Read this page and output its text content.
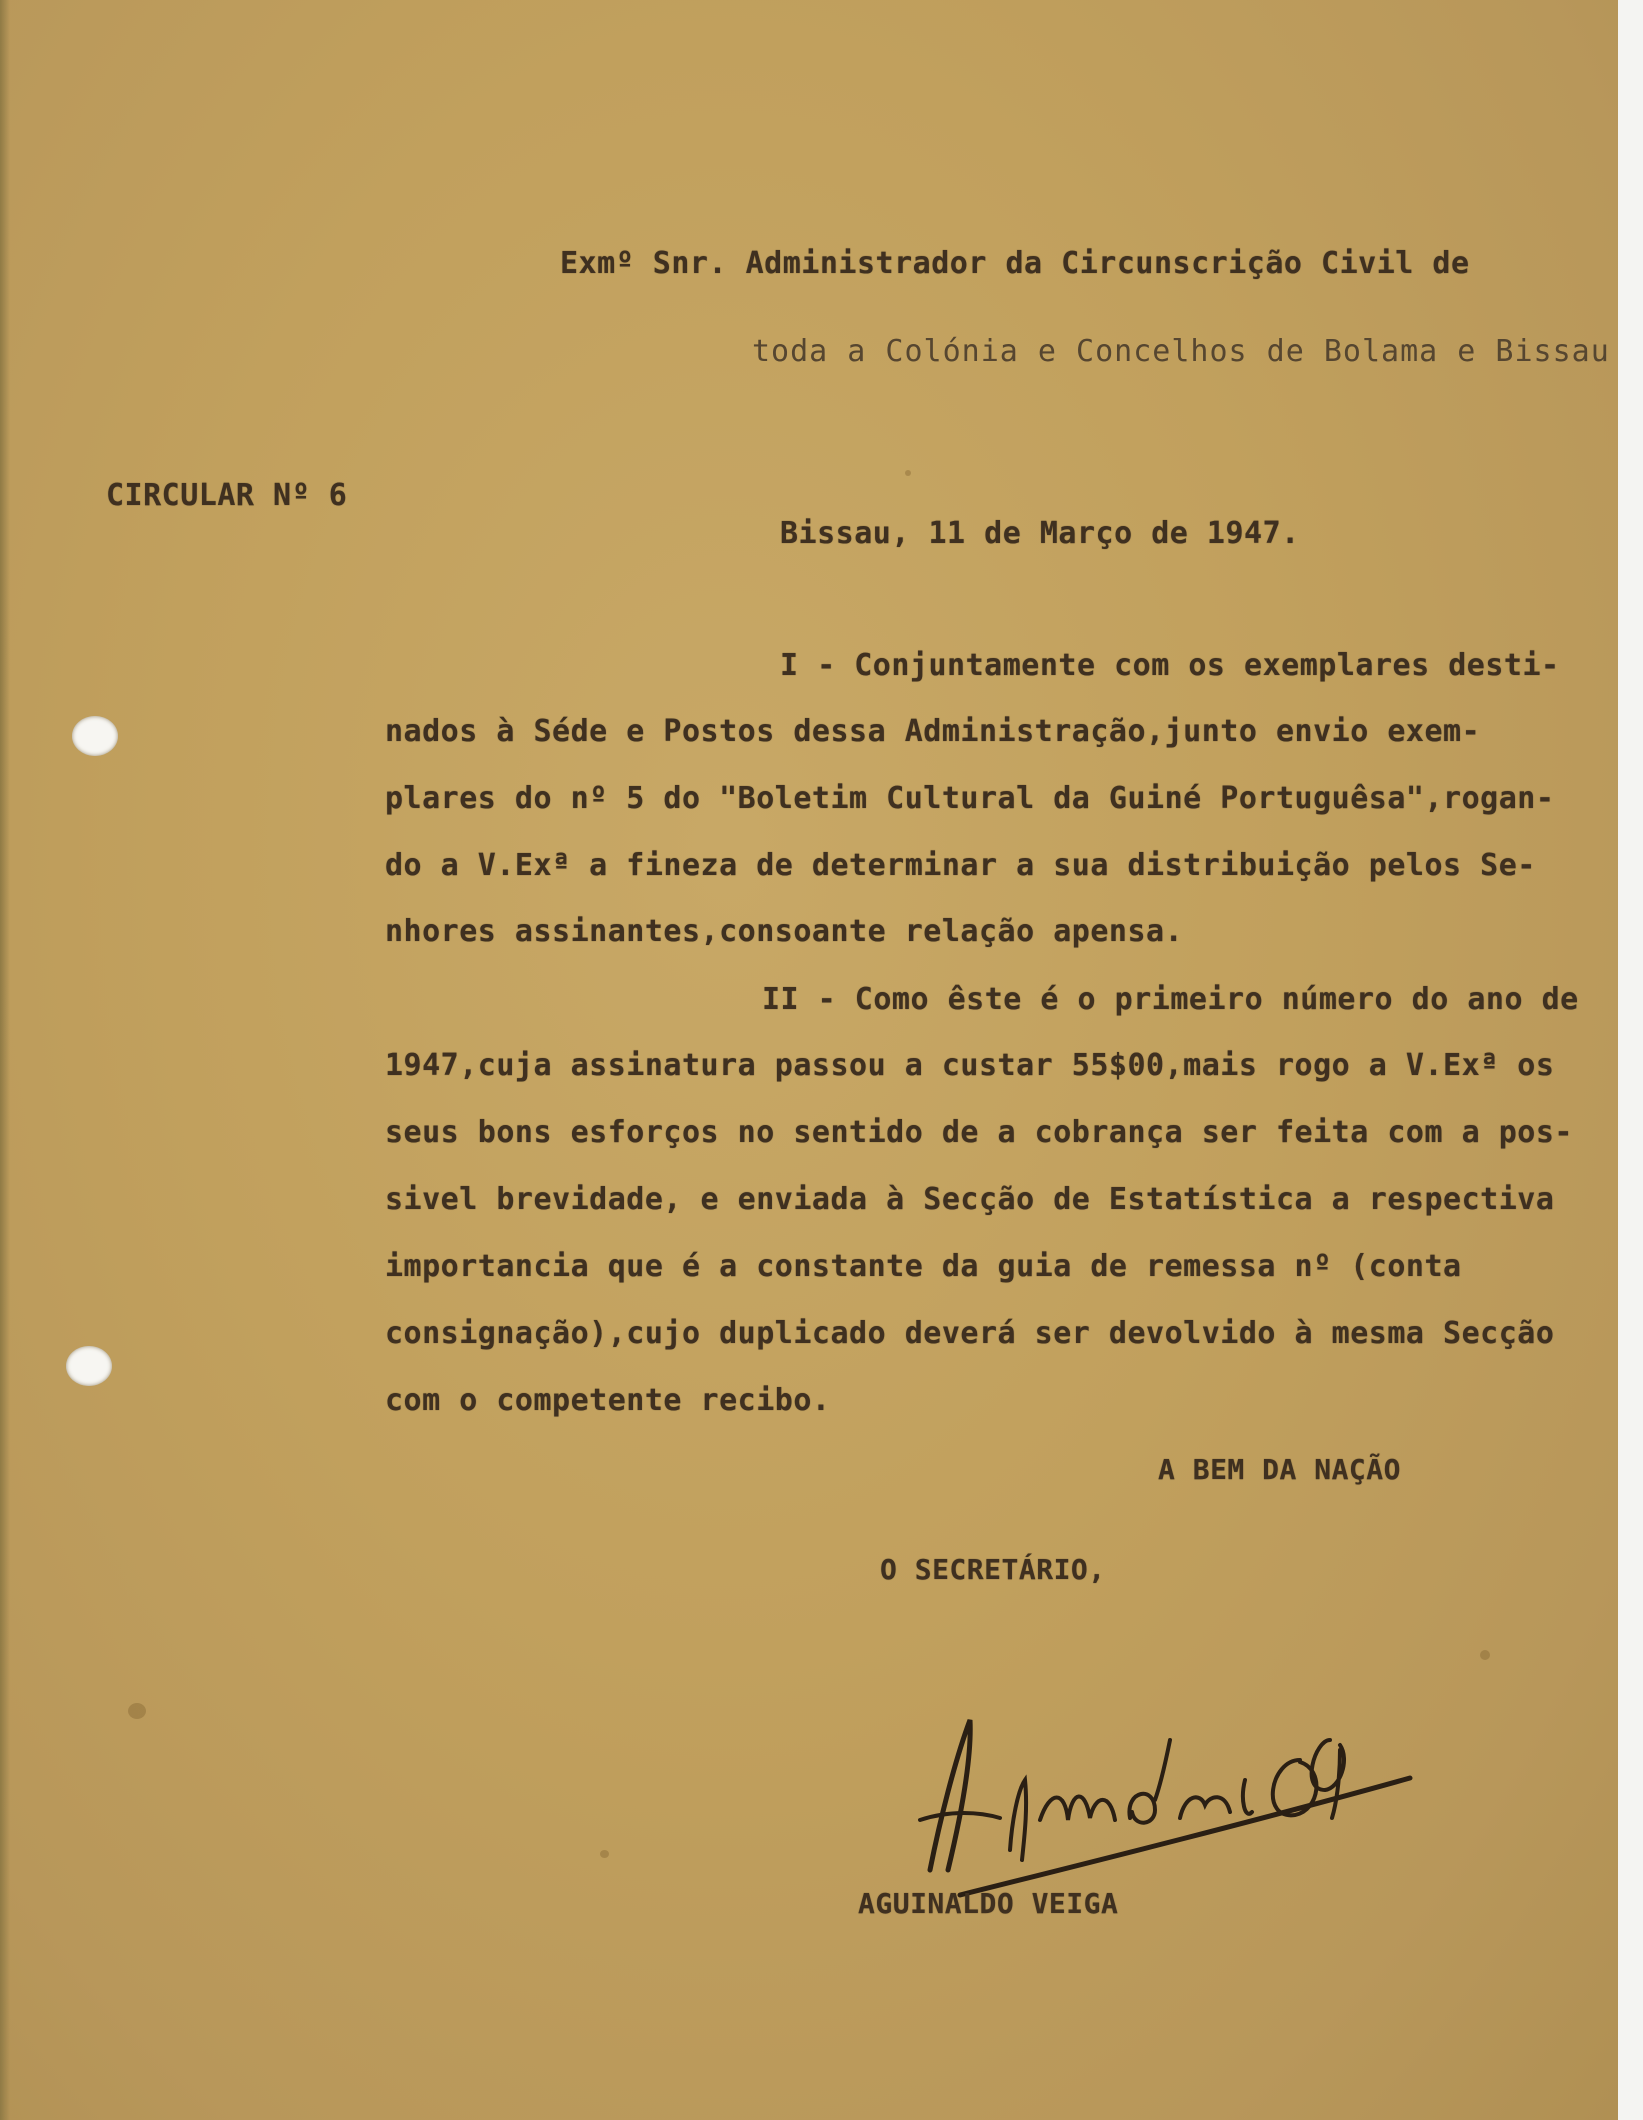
Exmº Snr. Administrador da Circunscrição Civil de
toda a Colónia e Concelhos de Bolama e Bissau
CIRCULAR Nº 6
Bissau, 11 de Março de 1947.
I - Conjuntamente com os exemplares desti-
nados à Séde e Postos dessa Administração,junto envio exem-
plares do nº 5 do "Boletim Cultural da Guiné Portuguêsa",rogan-
do a V.Exª a fineza de determinar a sua distribuição pelos Se-
nhores assinantes,consoante relação apensa.
II - Como êste é o primeiro número do ano de
1947,cuja assinatura passou a custar 55$00,mais rogo a V.Exª os
seus bons esforços no sentido de a cobrança ser feita com a pos-
sivel brevidade, e enviada à Secção de Estatística a respectiva
importancia que é a constante da guia de remessa nº (conta
consignação),cujo duplicado deverá ser devolvido à mesma Secção
com o competente recibo.
A BEM DA NAÇÃO
O SECRETÁRIO,
AGUINALDO VEIGA
